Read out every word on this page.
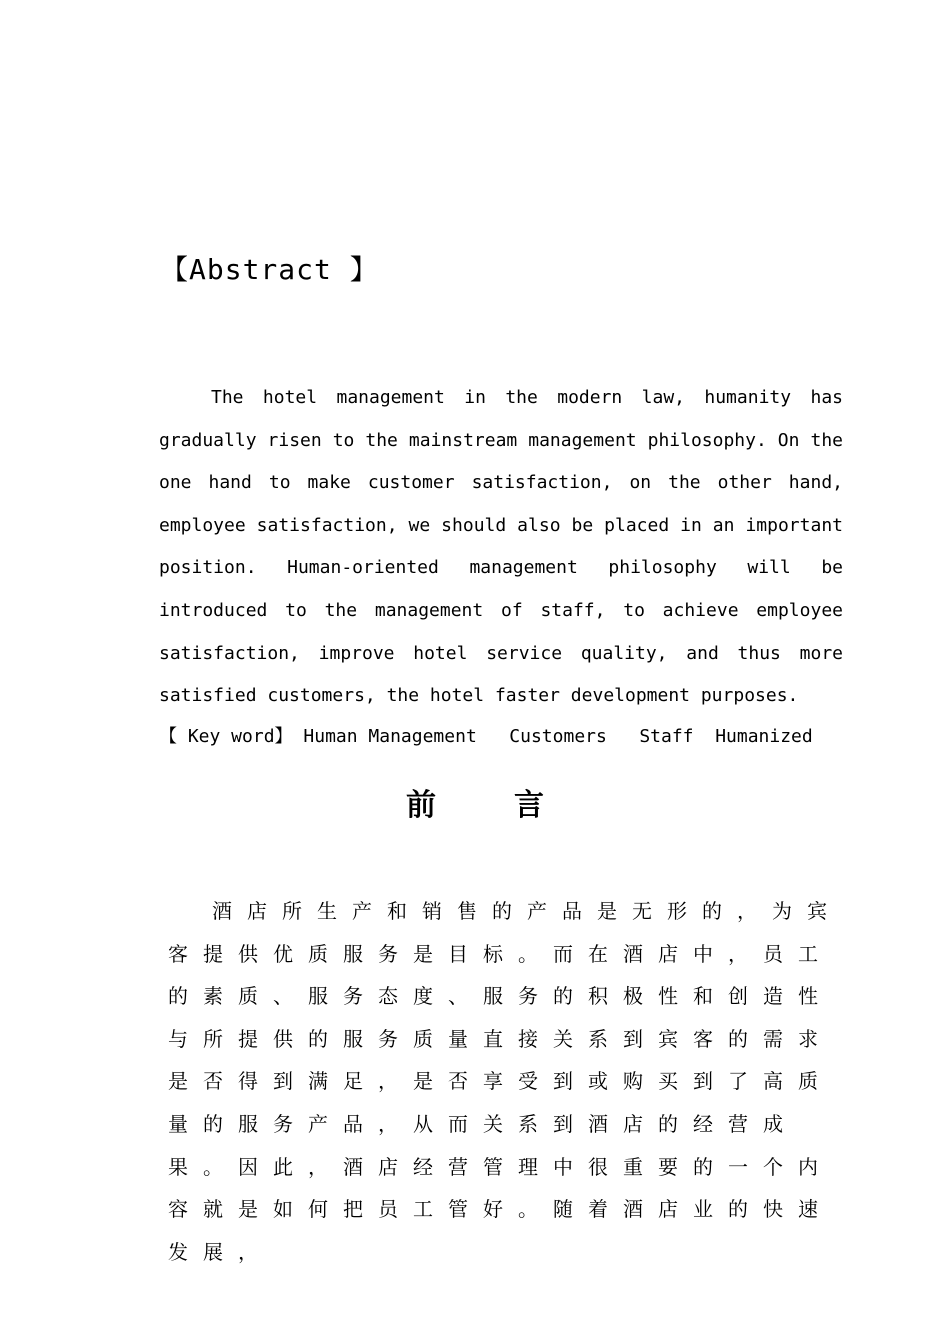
【Abstract 】

The hotel management in the modern law, humanity has gradually risen to the mainstream management philosophy. On the one hand to make customer satisfaction, on the other hand, employee satisfaction, we should also be placed in an important position. Human-oriented management philosophy will be introduced to the management of staff, to achieve employee satisfaction, improve hotel service quality, and thus more satisfied customers, the hotel faster development purposes.

【 Key word】 Human Management   Customers   Staff  Humanized
前言

酒店所生产和销售的产品是无形的，为宾客提供优质服务是目标。而在酒店中，员工的素质、服务态度、服务的积极性和创造性与所提供的服务质量直接关系到宾客的需求是否得到满足，是否享受到或购买到了高质量的服务产品，从而关系到酒店的经营成果。因此，酒店经营管理中很重要的一个内容就是如何把员工管好。随着酒店业的快速发展，
